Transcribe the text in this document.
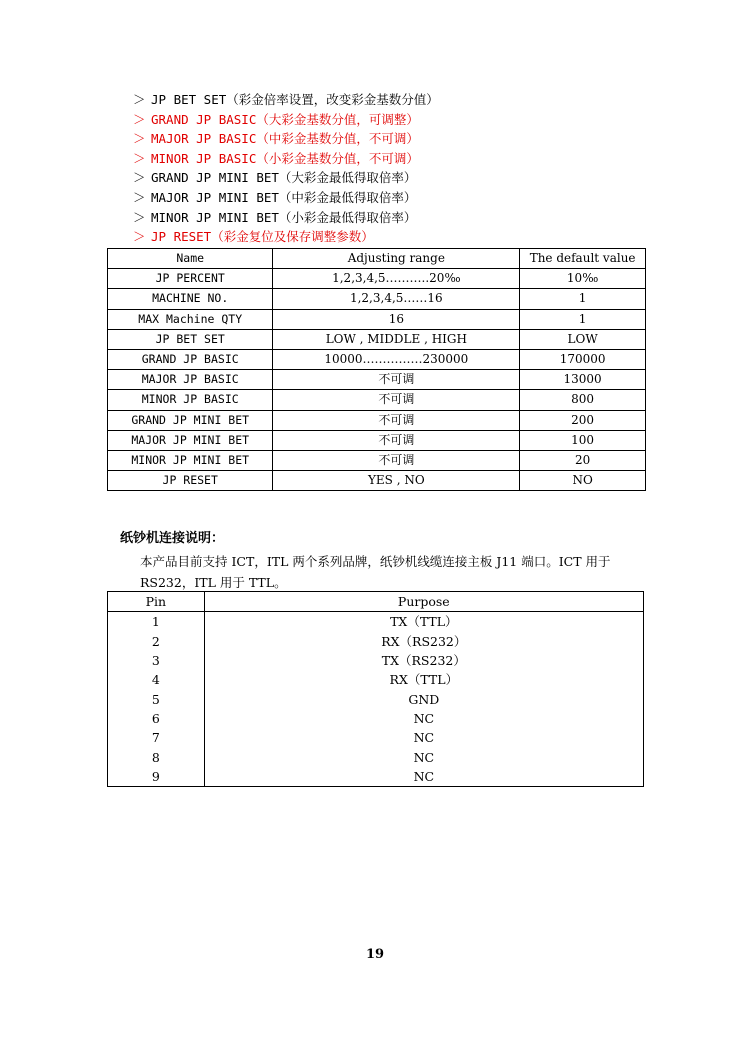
＞ JP BET SET（彩金倍率设置，改变彩金基数分值）
＞ GRAND JP BASIC（大彩金基数分值，可调整）
＞ MAJOR JP BASIC（中彩金基数分值，不可调）
＞ MINOR JP BASIC（小彩金基数分值，不可调）
＞ GRAND JP MINI BET（大彩金最低得取倍率）
＞ MAJOR JP MINI BET（中彩金最低得取倍率）
＞ MINOR JP MINI BET（小彩金最低得取倍率）
＞ JP RESET（彩金复位及保存调整参数）
Name	Adjusting range	The default value
JP PERCENT	1,2,3,4,5………..20‰	10‰
MACHINE NO.	1,2,3,4,5……16	1
MAX Machine QTY	16	1
JP BET SET	LOW , MIDDLE , HIGH	LOW
GRAND JP BASIC	10000……………230000	170000
MAJOR JP BASIC	不可调	13000
MINOR JP BASIC	不可调	800
GRAND JP MINI BET	不可调	200
MAJOR JP MINI BET	不可调	100
MINOR JP MINI BET	不可调	20
JP RESET	YES , NO	NO
纸钞机连接说明：
本产品目前支持 ICT，ITL 两个系列品牌，纸钞机线缆连接主板 J11 端口。ICT 用于
RS232，ITL 用于 TTL。
Pin	Purpose
1	TX（TTL）
2	RX（RS232）
3	TX（RS232）
4	RX（TTL）
5	GND
6	NC
7	NC
8	NC
9	NC
19
